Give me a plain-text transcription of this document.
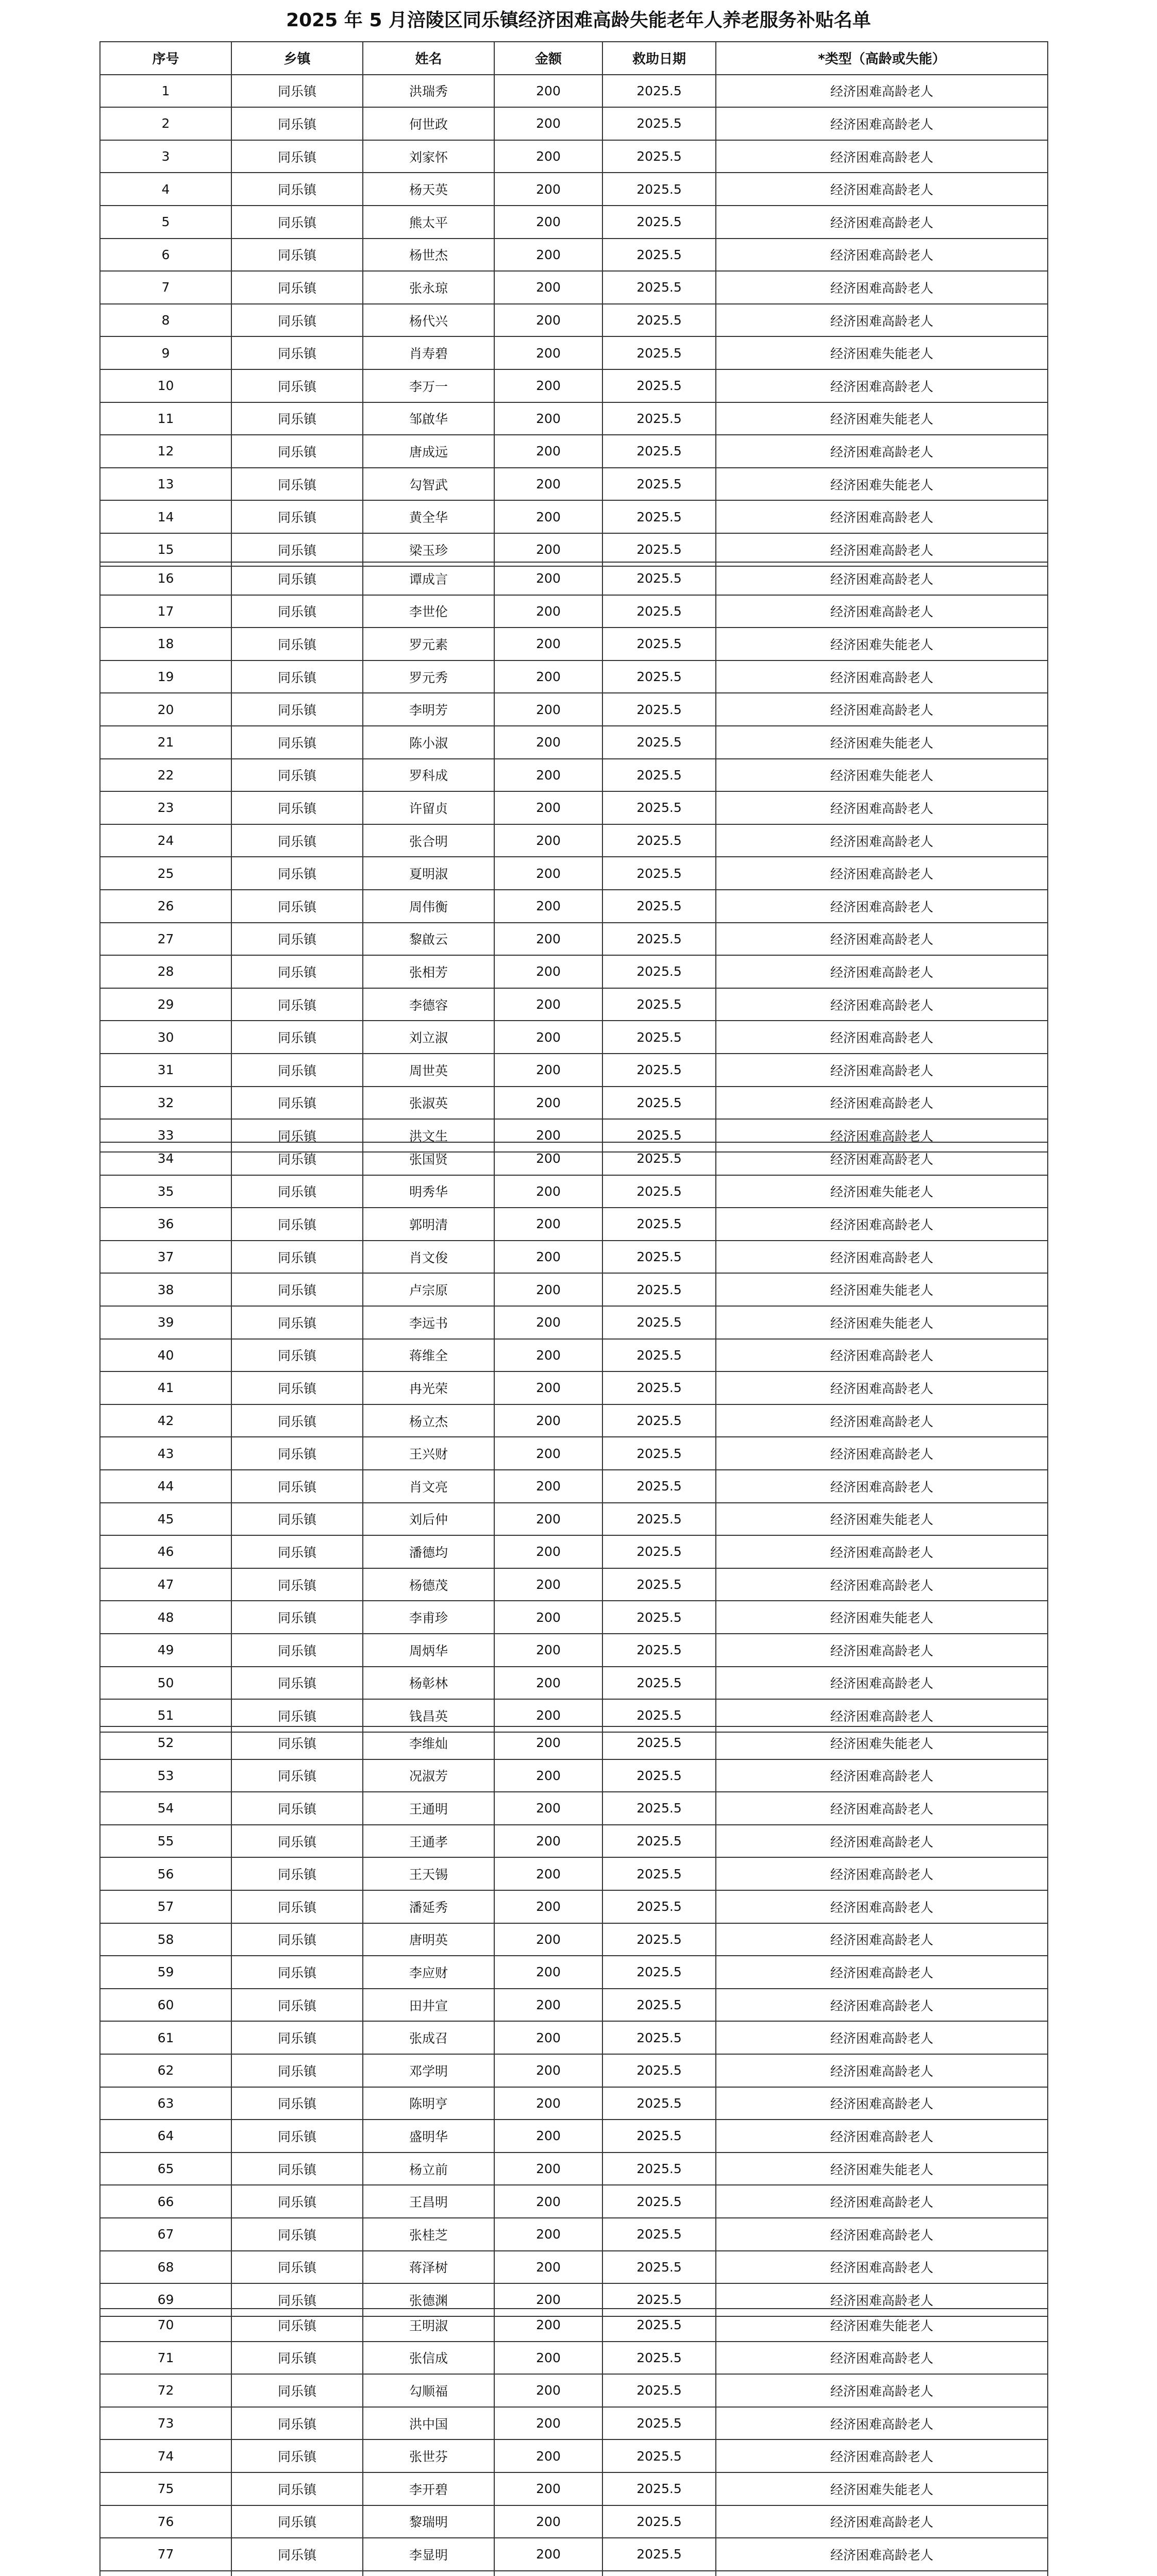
2025 年 5 月涪陵区同乐镇经济困难高龄失能老年人养老服务补贴名单
序号	乡镇	姓名	金额	救助日期	*类型（高龄或失能）
1	同乐镇	洪瑞秀	200	2025.5	经济困难高龄老人
2	同乐镇	何世政	200	2025.5	经济困难高龄老人
3	同乐镇	刘家怀	200	2025.5	经济困难高龄老人
4	同乐镇	杨天英	200	2025.5	经济困难高龄老人
5	同乐镇	熊太平	200	2025.5	经济困难高龄老人
6	同乐镇	杨世杰	200	2025.5	经济困难高龄老人
7	同乐镇	张永琼	200	2025.5	经济困难高龄老人
8	同乐镇	杨代兴	200	2025.5	经济困难高龄老人
9	同乐镇	肖寿碧	200	2025.5	经济困难失能老人
10	同乐镇	李万一	200	2025.5	经济困难高龄老人
11	同乐镇	邹啟华	200	2025.5	经济困难失能老人
12	同乐镇	唐成远	200	2025.5	经济困难高龄老人
13	同乐镇	勾智武	200	2025.5	经济困难失能老人
14	同乐镇	黄全华	200	2025.5	经济困难高龄老人
15	同乐镇	梁玉珍	200	2025.5	经济困难高龄老人
16	同乐镇	谭成言	200	2025.5	经济困难高龄老人
17	同乐镇	李世伦	200	2025.5	经济困难高龄老人
18	同乐镇	罗元素	200	2025.5	经济困难失能老人
19	同乐镇	罗元秀	200	2025.5	经济困难高龄老人
20	同乐镇	李明芳	200	2025.5	经济困难高龄老人
21	同乐镇	陈小淑	200	2025.5	经济困难失能老人
22	同乐镇	罗科成	200	2025.5	经济困难失能老人
23	同乐镇	许留贞	200	2025.5	经济困难高龄老人
24	同乐镇	张合明	200	2025.5	经济困难高龄老人
25	同乐镇	夏明淑	200	2025.5	经济困难高龄老人
26	同乐镇	周伟衡	200	2025.5	经济困难高龄老人
27	同乐镇	黎啟云	200	2025.5	经济困难高龄老人
28	同乐镇	张相芳	200	2025.5	经济困难高龄老人
29	同乐镇	李德容	200	2025.5	经济困难高龄老人
30	同乐镇	刘立淑	200	2025.5	经济困难高龄老人
31	同乐镇	周世英	200	2025.5	经济困难高龄老人
32	同乐镇	张淑英	200	2025.5	经济困难高龄老人
33	同乐镇	洪文生	200	2025.5	经济困难高龄老人
34	同乐镇	张国贤	200	2025.5	经济困难高龄老人
35	同乐镇	明秀华	200	2025.5	经济困难失能老人
36	同乐镇	郭明清	200	2025.5	经济困难高龄老人
37	同乐镇	肖文俊	200	2025.5	经济困难高龄老人
38	同乐镇	卢宗原	200	2025.5	经济困难失能老人
39	同乐镇	李远书	200	2025.5	经济困难失能老人
40	同乐镇	蒋维全	200	2025.5	经济困难高龄老人
41	同乐镇	冉光荣	200	2025.5	经济困难高龄老人
42	同乐镇	杨立杰	200	2025.5	经济困难高龄老人
43	同乐镇	王兴财	200	2025.5	经济困难高龄老人
44	同乐镇	肖文亮	200	2025.5	经济困难高龄老人
45	同乐镇	刘后仲	200	2025.5	经济困难失能老人
46	同乐镇	潘德均	200	2025.5	经济困难高龄老人
47	同乐镇	杨德茂	200	2025.5	经济困难高龄老人
48	同乐镇	李甫珍	200	2025.5	经济困难失能老人
49	同乐镇	周炳华	200	2025.5	经济困难高龄老人
50	同乐镇	杨彰林	200	2025.5	经济困难高龄老人
51	同乐镇	钱昌英	200	2025.5	经济困难高龄老人
52	同乐镇	李维灿	200	2025.5	经济困难失能老人
53	同乐镇	况淑芳	200	2025.5	经济困难高龄老人
54	同乐镇	王通明	200	2025.5	经济困难高龄老人
55	同乐镇	王通孝	200	2025.5	经济困难高龄老人
56	同乐镇	王天锡	200	2025.5	经济困难高龄老人
57	同乐镇	潘延秀	200	2025.5	经济困难高龄老人
58	同乐镇	唐明英	200	2025.5	经济困难高龄老人
59	同乐镇	李应财	200	2025.5	经济困难高龄老人
60	同乐镇	田井宣	200	2025.5	经济困难高龄老人
61	同乐镇	张成召	200	2025.5	经济困难高龄老人
62	同乐镇	邓学明	200	2025.5	经济困难高龄老人
63	同乐镇	陈明亨	200	2025.5	经济困难高龄老人
64	同乐镇	盛明华	200	2025.5	经济困难高龄老人
65	同乐镇	杨立前	200	2025.5	经济困难失能老人
66	同乐镇	王昌明	200	2025.5	经济困难高龄老人
67	同乐镇	张桂芝	200	2025.5	经济困难高龄老人
68	同乐镇	蒋泽树	200	2025.5	经济困难高龄老人
69	同乐镇	张德渊	200	2025.5	经济困难高龄老人
70	同乐镇	王明淑	200	2025.5	经济困难失能老人
71	同乐镇	张信成	200	2025.5	经济困难高龄老人
72	同乐镇	勾顺福	200	2025.5	经济困难高龄老人
73	同乐镇	洪中国	200	2025.5	经济困难高龄老人
74	同乐镇	张世芬	200	2025.5	经济困难高龄老人
75	同乐镇	李开碧	200	2025.5	经济困难失能老人
76	同乐镇	黎瑞明	200	2025.5	经济困难高龄老人
77	同乐镇	李显明	200	2025.5	经济困难高龄老人
